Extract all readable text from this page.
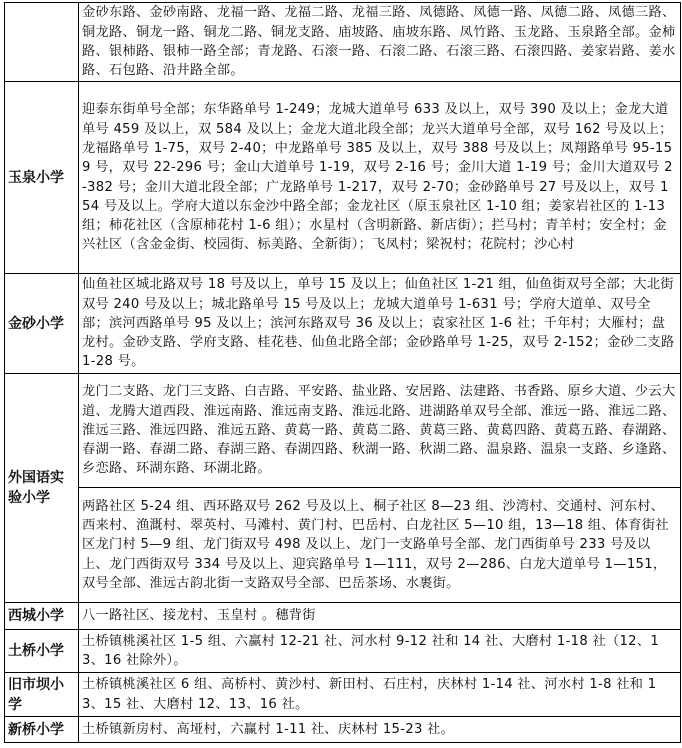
	金砂东路、金砂南路、龙福一路、龙福二路、龙福三路、凤德路、凤德一路、凤德二路、凤德三路、铜龙路、铜龙一路、铜龙二路、铜龙支路、庙坡路、庙坡东路、凤竹路、玉龙路、玉泉路全部。金柿路、银柿路、银柿一路全部；青龙路、石滚一路、石滚二路、石滚三路、石滚四路、姜家岩路、姜水路、石包路、沿井路全部。
玉泉小学	迎泰东街单号全部；东华路单号 1-249；龙城大道单号 633 及以上，双号 390 及以上；金龙大道单号 459 及以上，双 584 及以上；金龙大道北段全部；龙兴大道单号全部，双号 162 号及以上；龙福路单号 1-75，双号 2-40；中龙路单号 385 及以上，双号 388 号及以上；凤翔路单号 95-159 号，双号 22-296 号；金山大道单号 1-19，双号 2-16 号；金川大道 1-19 号；金川大道双号 2-382 号；金川大道北段全部；广龙路单号 1-217，双号 2-70；金砂路单号 27 号及以上，双号 154 号及以上。学府大道以东金沙中路全部；金龙社区（原玉泉社区 1-10 组；姜家岩社区的 1-13 组；柿花社区（含原柿花村 1-6 组）；水星村（含明新路、新店街）；拦马村；青羊村；安全村；金兴社区（含金金街、校园街、标美路、全新街）；飞凤村；梁祝村；花院村；沙心村
金砂小学	仙鱼社区城北路双号 18 号及以上，单号 15 及以上；仙鱼社区 1-21 组，仙鱼街双号全部；大北街双号 240 号及以上；城北路单号 15 号及以上；龙城大道单号 1-631 号；学府大道单、双号全部；滨河西路单号 95 及以上；滨河东路双号 36 及以上；袁家社区 1-6 社；千年村；大雁村；盘龙村。金砂支路、学府支路、桂花巷、仙鱼北路全部；金砂路单号 1-25，双号 2-152；金砂二支路 1-28 号。
外国语实验小学	龙门二支路、龙门三支路、白吉路、平安路、盐业路、安居路、法建路、书香路、原乡大道、少云大道、龙腾大道西段、淮远南路、淮远南支路、淮远北路、进湖路单双号全部、淮远一路、淮远二路、淮远三路、淮远四路、淮远五路、黄葛一路、黄葛二路、黄葛三路、黄葛四路、黄葛五路、春湖路、春湖一路、春湖二路、春湖三路、春湖四路、秋湖一路、秋湖二路、温泉路、温泉一支路、乡逢路、乡恋路、环湖东路、环湖北路。
	两路社区 5-24 组、西环路双号 262 号及以上、桐子社区 8—23 组、沙湾村、交通村、河东村、西来村、渔溉村、翠英村、马滩村、黄门村、巴岳村、白龙社区 5—10 组，13—18 组、体育街社区龙门村 5—9 组、龙门街双号 498 及以上、龙门一支路单号全部、龙门西街单号 233 号及以上、龙门西街双号 334 号及以上、迎宾路单号 1—111，双号 2—286、白龙大道单号 1—151，双号全部、淮远古韵北街一支路双号全部、巴岳茶场、水裹街。
西城小学	八一路社区、接龙村、玉皇村 。穗背街
土桥小学	土桥镇桃溪社区 1-5 组、六赢村 12-21 社、河水村 9-12 社和 14 社、大磨村 1-18 社（12、13、16 社除外）。
旧市坝小学	土桥镇桃溪社区 6 组、高桥村、黄沙村、新田村、石庄村，庆林村 1-14 社、河水村 1-8 社和 13、15 社、大磨村 12、13、16 社。
新桥小学	土桥镇新房村、高垭村，六赢村 1-11 社、庆林村 15-23 社。
